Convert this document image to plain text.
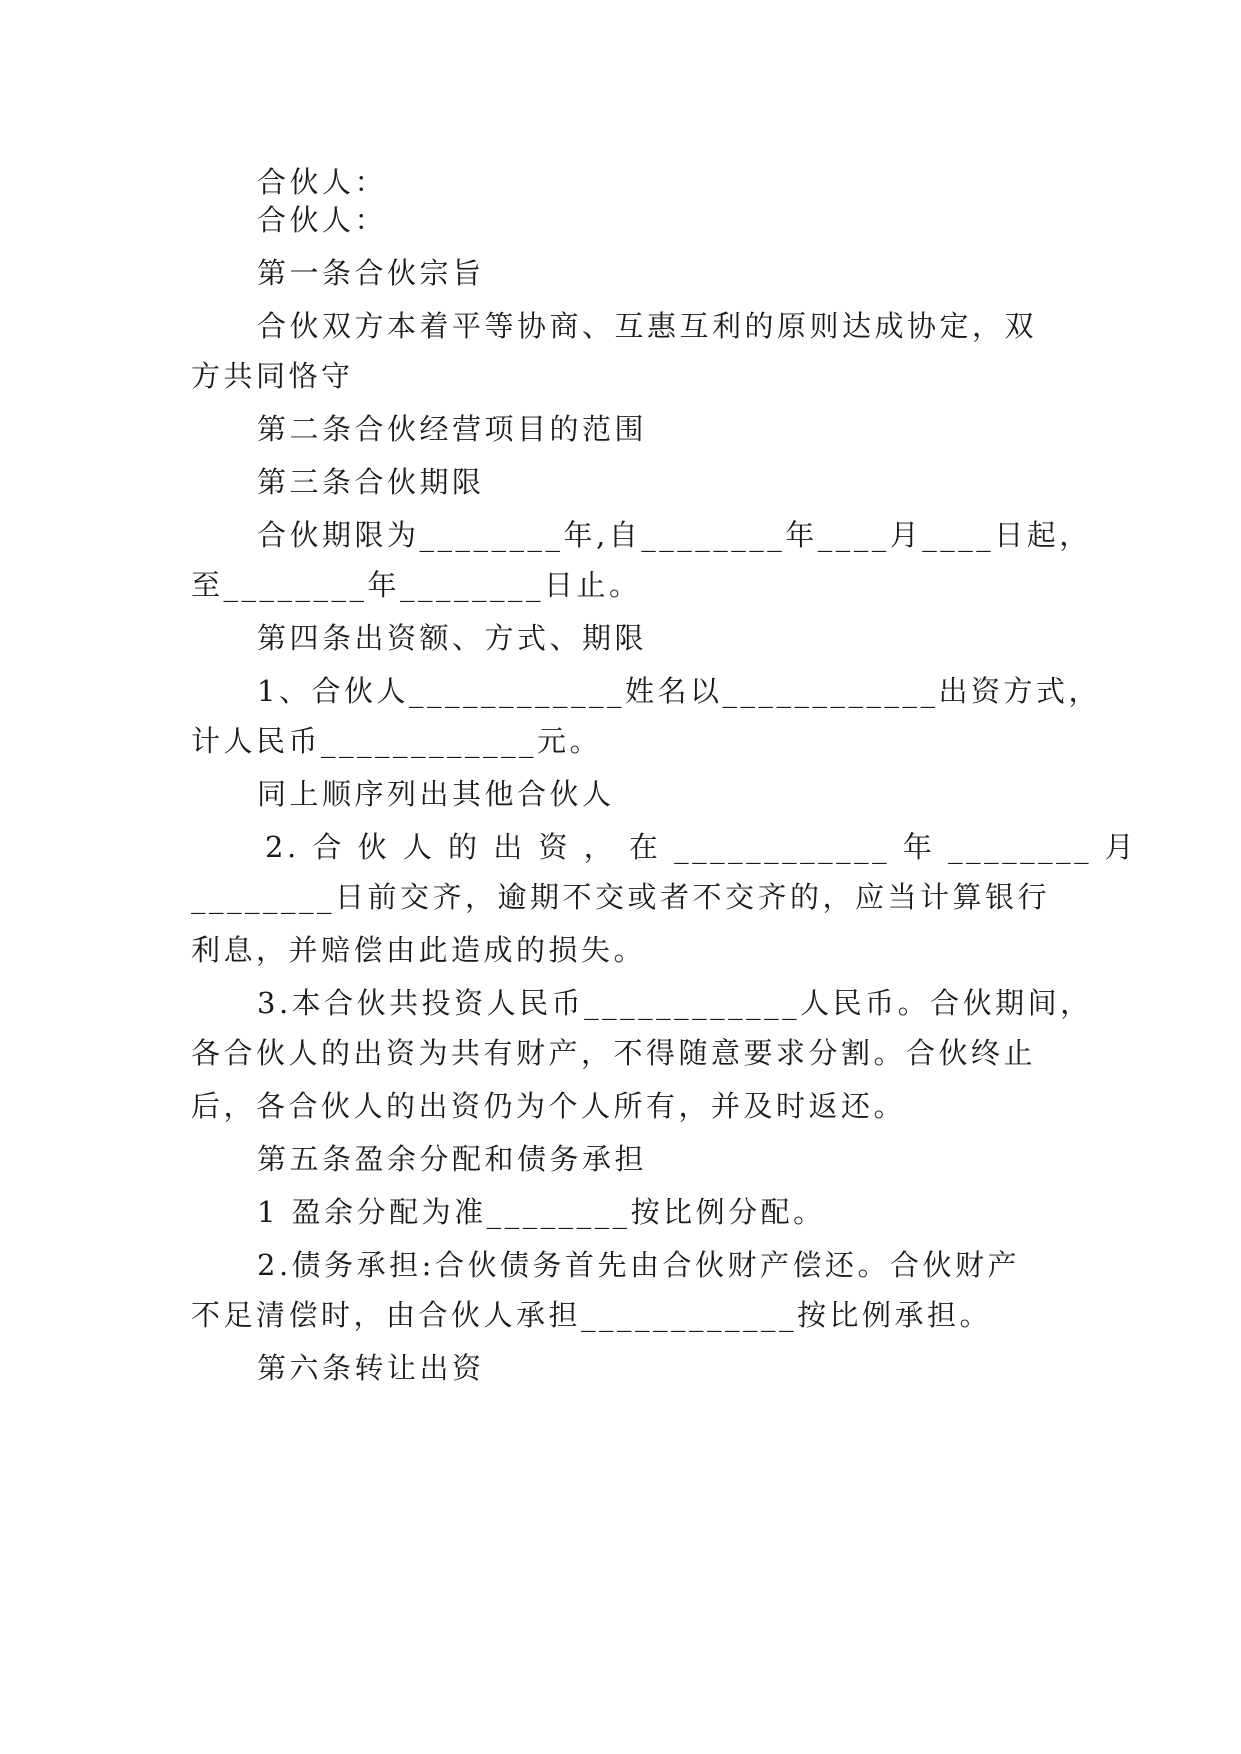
合伙人：
合伙人：
第一条合伙宗旨
合伙双方本着平等协商、互惠互利的原则达成协定，双
方共同恪守
第二条合伙经营项目的范围
第三条合伙期限
合伙期限为________年,自________年____月____日起，
至________年________日止。
第四条出资额、方式、期限
1、合伙人____________姓名以____________出资方式，
计人民币____________元。
同上顺序列出其他合伙人
2. 合 伙 人 的 出 资 ， 在 ____________ 年 ________ 月
________日前交齐，逾期不交或者不交齐的，应当计算银行
利息，并赔偿由此造成的损失。
3.本合伙共投资人民币____________人民币。合伙期间，
各合伙人的出资为共有财产，不得随意要求分割。合伙终止
后，各合伙人的出资仍为个人所有，并及时返还。
第五条盈余分配和债务承担
1 盈余分配为准________按比例分配。
2.债务承担:合伙债务首先由合伙财产偿还。合伙财产
不足清偿时，由合伙人承担____________按比例承担。
第六条转让出资
